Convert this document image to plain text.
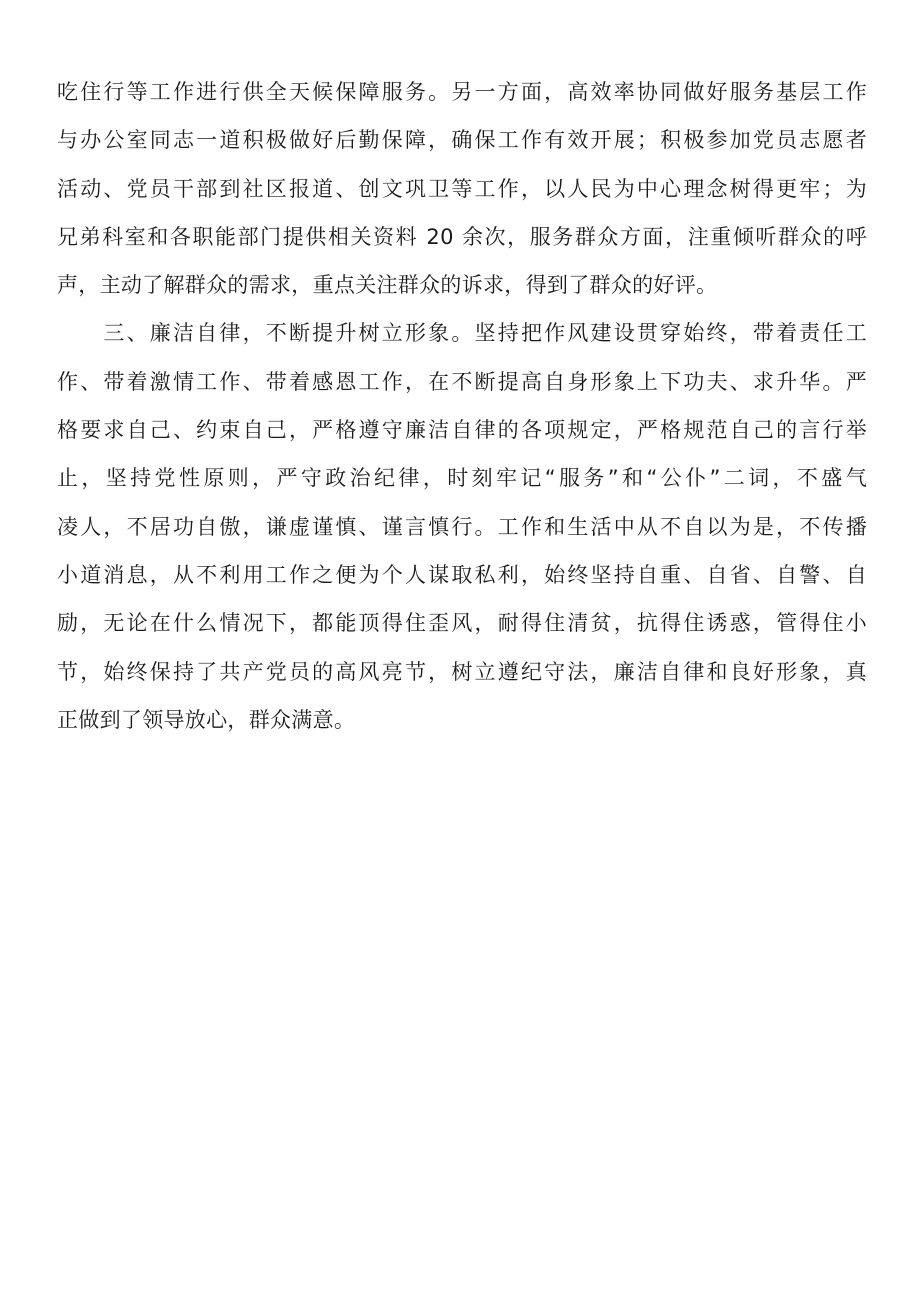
吃住行等工作进行供全天候保障服务。另一方面，高效率协同做好服务基层工作
与办公室同志一道积极做好后勤保障，确保工作有效开展；积极参加党员志愿者
活动、党员干部到社区报道、创文巩卫等工作，以人民为中心理念树得更牢；为
兄弟科室和各职能部门提供相关资料 20 余次，服务群众方面，注重倾听群众的呼
声，主动了解群众的需求，重点关注群众的诉求，得到了群众的好评。
　　三、廉洁自律，不断提升树立形象。坚持把作风建设贯穿始终，带着责任工
作、带着激情工作、带着感恩工作，在不断提高自身形象上下功夫、求升华。严
格要求自己、约束自己，严格遵守廉洁自律的各项规定，严格规范自己的言行举
止，坚持党性原则，严守政治纪律，时刻牢记“服务”和“公仆”二词，不盛气
凌人，不居功自傲，谦虚谨慎、谨言慎行。工作和生活中从不自以为是，不传播
小道消息，从不利用工作之便为个人谋取私利，始终坚持自重、自省、自警、自
励，无论在什么情况下，都能顶得住歪风，耐得住清贫，抗得住诱惑，管得住小
节，始终保持了共产党员的高风亮节，树立遵纪守法，廉洁自律和良好形象，真
正做到了领导放心，群众满意。
